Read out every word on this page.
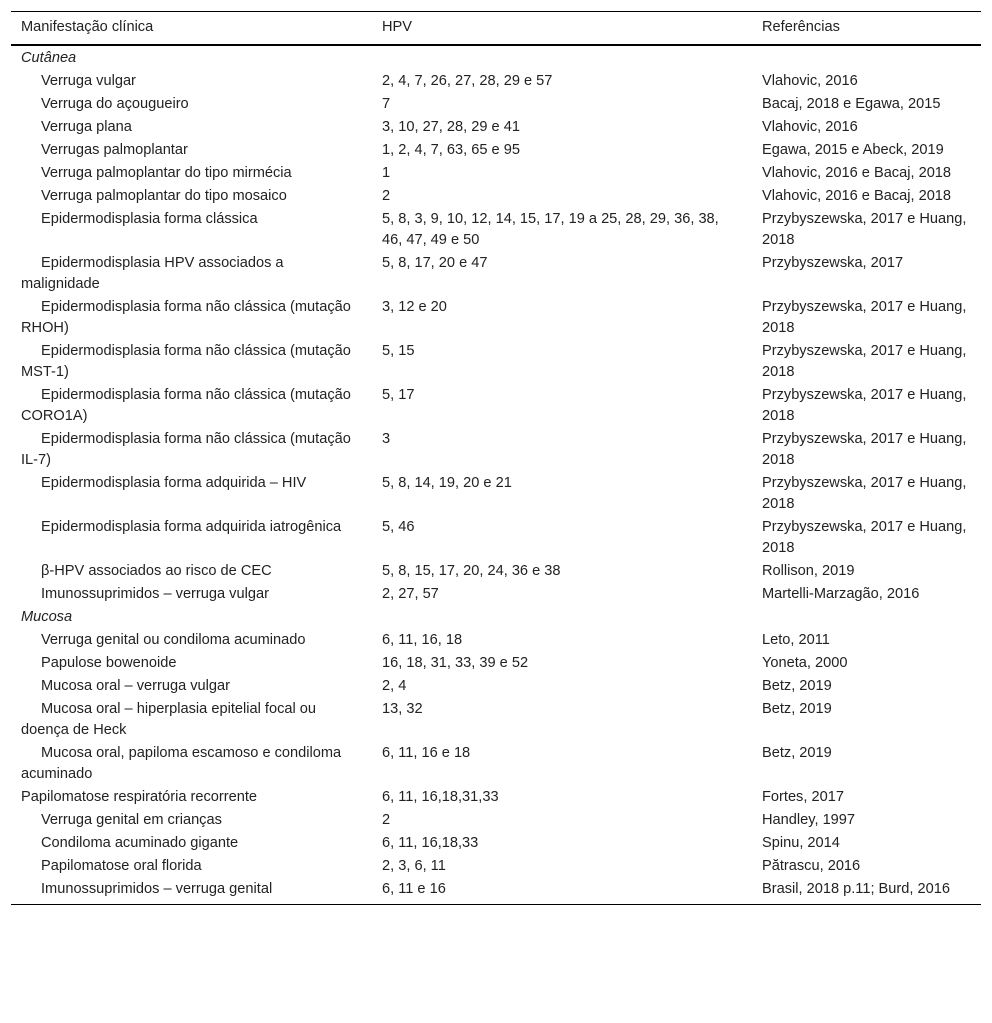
Manifestação clínica	HPV	Referências
Cutânea		
Verruga vulgar	2, 4, 7, 26, 27, 28, 29 e 57	Vlahovic, 2016
Verruga do açougueiro	7	Bacaj, 2018 e Egawa, 2015
Verruga plana	3, 10, 27, 28, 29 e 41	Vlahovic, 2016
Verrugas palmoplantar	1, 2, 4, 7, 63, 65 e 95	Egawa, 2015 e Abeck, 2019
Verruga palmoplantar do tipo mirmécia	1	Vlahovic, 2016 e Bacaj, 2018
Verruga palmoplantar do tipo mosaico	2	Vlahovic, 2016 e Bacaj, 2018
Epidermodisplasia forma clássica	5, 8, 3, 9, 10, 12, 14, 15, 17, 19 a 25, 28, 29, 36, 38, 46, 47, 49 e 50	Przybyszewska, 2017 e Huang, 2018
Epidermodisplasia HPV associados a malignidade	5, 8, 17, 20 e 47	Przybyszewska, 2017
Epidermodisplasia forma não clássica (mutação RHOH)	3, 12 e 20	Przybyszewska, 2017 e Huang, 2018
Epidermodisplasia forma não clássica (mutação MST-1)	5, 15	Przybyszewska, 2017 e Huang, 2018
Epidermodisplasia forma não clássica (mutação CORO1A)	5, 17	Przybyszewska, 2017 e Huang, 2018
Epidermodisplasia forma não clássica (mutação IL-7)	3	Przybyszewska, 2017 e Huang, 2018
Epidermodisplasia forma adquirida – HIV	5, 8, 14, 19, 20 e 21	Przybyszewska, 2017 e Huang, 2018
Epidermodisplasia forma adquirida iatrogênica	5, 46	Przybyszewska, 2017 e Huang, 2018
β-HPV associados ao risco de CEC	5, 8, 15, 17, 20, 24, 36 e 38	Rollison, 2019
Imunossuprimidos – verruga vulgar	2, 27, 57	Martelli-Marzagão, 2016
Mucosa		
Verruga genital ou condiloma acuminado	6, 11, 16, 18	Leto, 2011
Papulose bowenoide	16, 18, 31, 33, 39 e 52	Yoneta, 2000
Mucosa oral – verruga vulgar	2, 4	Betz, 2019
Mucosa oral – hiperplasia epitelial focal ou doença de Heck	13, 32	Betz, 2019
Mucosa oral, papiloma escamoso e condiloma acuminado	6, 11, 16 e 18	Betz, 2019
Papilomatose respiratória recorrente	6, 11, 16,18,31,33	Fortes, 2017
Verruga genital em crianças	2	Handley, 1997
Condiloma acuminado gigante	6, 11, 16,18,33	Spinu, 2014
Papilomatose oral florida	2, 3, 6, 11	Pătrascu, 2016
Imunossuprimidos – verruga genital	6, 11 e 16	Brasil, 2018 p.11; Burd, 2016
